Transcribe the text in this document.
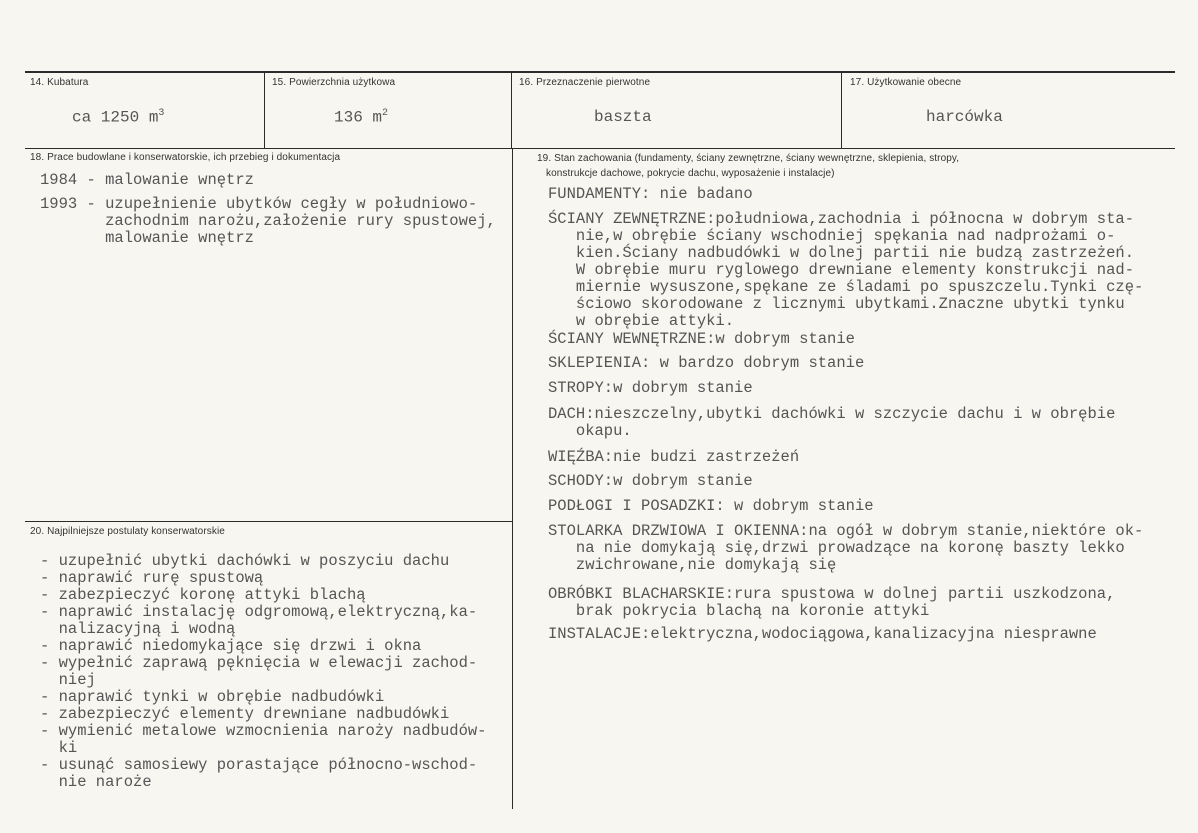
14. Kubatura
ca 1250 $m^3$
15. Powierzchnia użytkowa
136 $m^2$
16. Przeznaczenie pierwotne
baszta
17. Użytkowanie obecne
harcówka
18. Prace budowlane i konserwatorskie, ich przebieg i dokumentacja
1984 - malowanie wnętrz
1993 - uzupełnienie ubytków cegły w południowo-
zachodnim narożu,założenie rury spustowej,
malowanie wnętrz
19. Stan zachowania (fundamenty, ściany zewnętrzne, ściany wewnętrzne, sklepienia, stropy,
konstrukcje dachowe, pokrycie dachu, wyposażenie i instalacje)
FUNDAMENTY: nie badano
ŚCIANY ZEWNĘTRZNE:południowa,zachodnia i północna w dobrym sta-
nie,w obrębie ściany wschodniej spękania nad nadprożami o-
kien.Ściany nadbudówki w dolnej partii nie budzą zastrzeżeń.
W obrębie muru ryglowego drewniane elementy konstrukcji nad-
miernie wysuszone,spękane ze śladami po spuszczelu.Tynki czę-
ściowo skorodowane z licznymi ubytkami.Znaczne ubytki tynku
w obrębie attyki.
ŚCIANY WEWNĘTRZNE:w dobrym stanie
SKLEPIENIA: w bardzo dobrym stanie
STROPY:w dobrym stanie
DACH:nieszczelny,ubytki dachówki w szczycie dachu i w obrębie
okapu.
WIĘŹBA:nie budzi zastrzeżeń
SCHODY:w dobrym stanie
PODŁOGI I POSADZKI: w dobrym stanie
STOLARKA DRZWIOWA I OKIENNA:na ogół w dobrym stanie,niektóre ok-
na nie domykają się,drzwi prowadzące na koronę baszty lekko
zwichrowane,nie domykają się
OBRÓBKI BLACHARSKIE:rura spustowa w dolnej partii uszkodzona,
brak pokrycia blachą na koronie attyki
INSTALACJE:elektryczna,wodociągowa,kanalizacyjna niesprawne
20. Najpilniejsze postulaty konserwatorskie
- uzupełnić ubytki dachówki w poszyciu dachu
- naprawić rurę spustową
- zabezpieczyć koronę attyki blachą
- naprawić instalację odgromową,elektryczną,ka-
nalizacyjną i wodną
- naprawić niedomykające się drzwi i okna
- wypełnić zaprawą pęknięcia w elewacji zachod-
niej
- naprawić tynki w obrębie nadbudówki
- zabezpieczyć elementy drewniane nadbudówki
- wymienić metalowe wzmocnienia naroży nadbudów-
ki
- usunąć samosiewy porastające północno-wschod-
nie naroże
